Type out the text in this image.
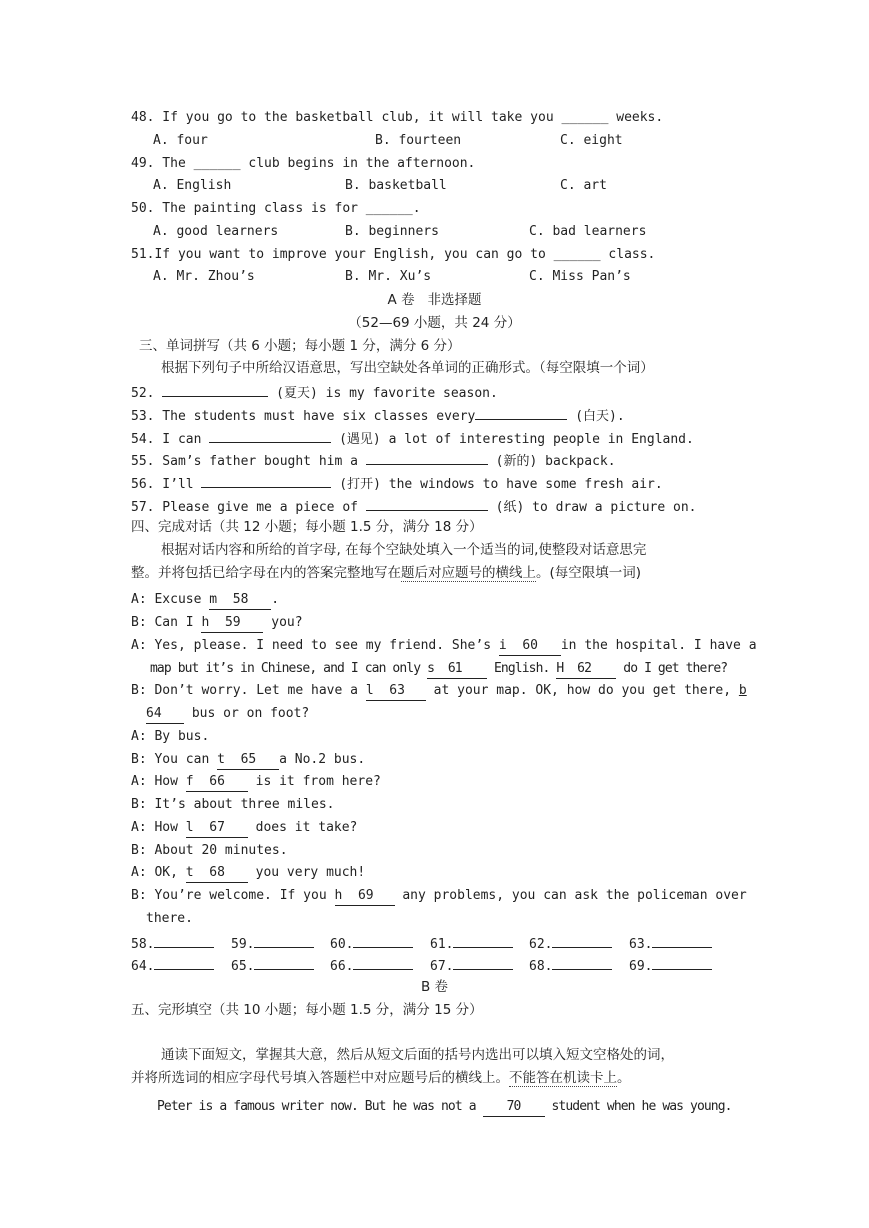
48. If you go to the basketball club, it will take you ______ weeks.
A. four	B. fourteen	C. eight
49. The ______ club begins in the afternoon.
A. English	B. basketball	C. art
50. The painting class is for ______.
A. good learners	B. beginners	C. bad learners
51.If you want to improve your English, you can go to ______ class.
A. Mr. Zhou’s	B. Mr. Xu’s	C. Miss Pan’s
A 卷   非选择题
（52—69 小题，共 24 分）
三、单词拼写（共 6 小题；每小题 1 分，满分 6 分）
根据下列句子中所给汉语意思，写出空缺处各单词的正确形式。（每空限填一个词）
52.	(夏天) is my favorite season.
53. The students must have six classes every	(白天).
54. I can	(遇见) a lot of interesting people in England.
55. Sam’s father bought him a	(新的) backpack.
56. I’ll	(打开) the windows to have some fresh air.
57. Please give me a piece of	(纸) to draw a picture on.
四、完成对话（共 12 小题；每小题 1.5 分，满分 18 分）
根据对话内容和所给的首字母, 在每个空缺处填入一个适当的词,使整段对话意思完
整。并将包括已给字母在内的答案完整地写在题后对应题号的横线上。(每空限填一词)
A: Excuse m 58 .
B: Can I h 59 you?
A: Yes, please. I need to see my friend. She’s i 60 in the hospital. I have a
map but it’s in Chinese, and I can only s 61 English. H 62 do I get there?
B: Don’t worry. Let me have a l 63 at your map. OK, how do you get there, b
64 bus or on foot?
A: By bus.
B: You can t 65 a No.2 bus.
A: How f 66 is it from here?
B: It’s about three miles.
A: How l 67 does it take?
B: About 20 minutes.
A: OK, t 68 you very much!
B: You’re welcome. If you h 69 any problems, you can ask the policeman over
there.
58.	59.	60.	61.	62.	63.
64.	65.	66.	67.	68.	69.
B 卷
五、完形填空（共 10 小题；每小题 1.5 分，满分 15 分）
通读下面短文，掌握其大意，然后从短文后面的括号内选出可以填入短文空格处的词，
并将所选词的相应字母代号填入答题栏中对应题号后的横线上。不能答在机读卡上。
Peter is a famous writer now. But he was not a 70 student when he was young.
